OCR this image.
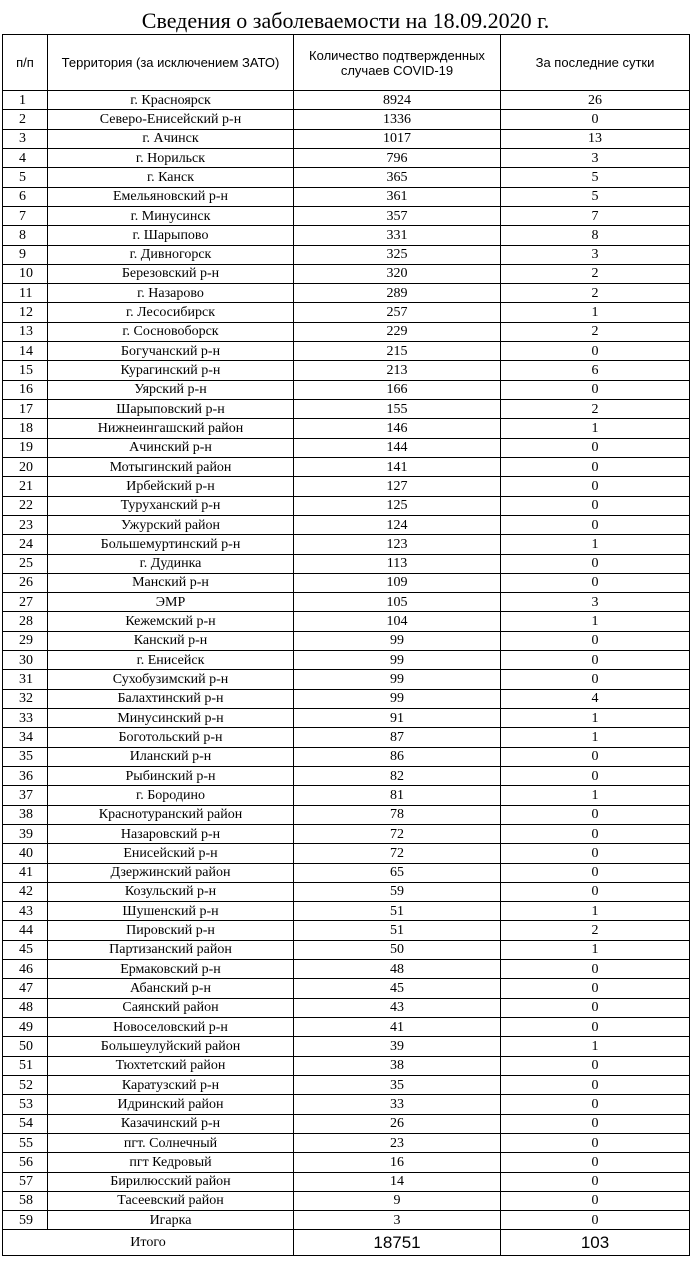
Сведения о заболеваемости на 18.09.2020 г.
п/п	Территория (за исключением ЗАТО)	Количество подтвержденных случаев COVID-19	За последние сутки
1	г. Красноярск	8924	26
2	Северо-Енисейский р-н	1336	0
3	г. Ачинск	1017	13
4	г. Норильск	796	3
5	г. Канск	365	5
6	Емельяновский р-н	361	5
7	г. Минусинск	357	7
8	г. Шарыпово	331	8
9	г. Дивногорск	325	3
10	Березовский р-н	320	2
11	г. Назарово	289	2
12	г. Лесосибирск	257	1
13	г. Сосновоборск	229	2
14	Богучанский р-н	215	0
15	Курагинский р-н	213	6
16	Уярский р-н	166	0
17	Шарыповский р-н	155	2
18	Нижнеингашский район	146	1
19	Ачинский р-н	144	0
20	Мотыгинский район	141	0
21	Ирбейский р-н	127	0
22	Туруханский р-н	125	0
23	Ужурский район	124	0
24	Большемуртинский р-н	123	1
25	г. Дудинка	113	0
26	Манский р-н	109	0
27	ЭМР	105	3
28	Кежемский р-н	104	1
29	Канский р-н	99	0
30	г. Енисейск	99	0
31	Сухобузимский р-н	99	0
32	Балахтинский р-н	99	4
33	Минусинский р-н	91	1
34	Боготольский р-н	87	1
35	Иланский р-н	86	0
36	Рыбинский р-н	82	0
37	г. Бородино	81	1
38	Краснотуранский район	78	0
39	Назаровский р-н	72	0
40	Енисейский р-н	72	0
41	Дзержинский район	65	0
42	Козульский р-н	59	0
43	Шушенский р-н	51	1
44	Пировский р-н	51	2
45	Партизанский район	50	1
46	Ермаковский р-н	48	0
47	Абанский р-н	45	0
48	Саянский район	43	0
49	Новоселовский р-н	41	0
50	Большеулуйский район	39	1
51	Тюхтетский район	38	0
52	Каратузский р-н	35	0
53	Идринский район	33	0
54	Казачинский р-н	26	0
55	пгт. Солнечный	23	0
56	пгт Кедровый	16	0
57	Бирилюсский район	14	0
58	Тасеевский район	9	0
59	Игарка	3	0
Итого		18751	103
